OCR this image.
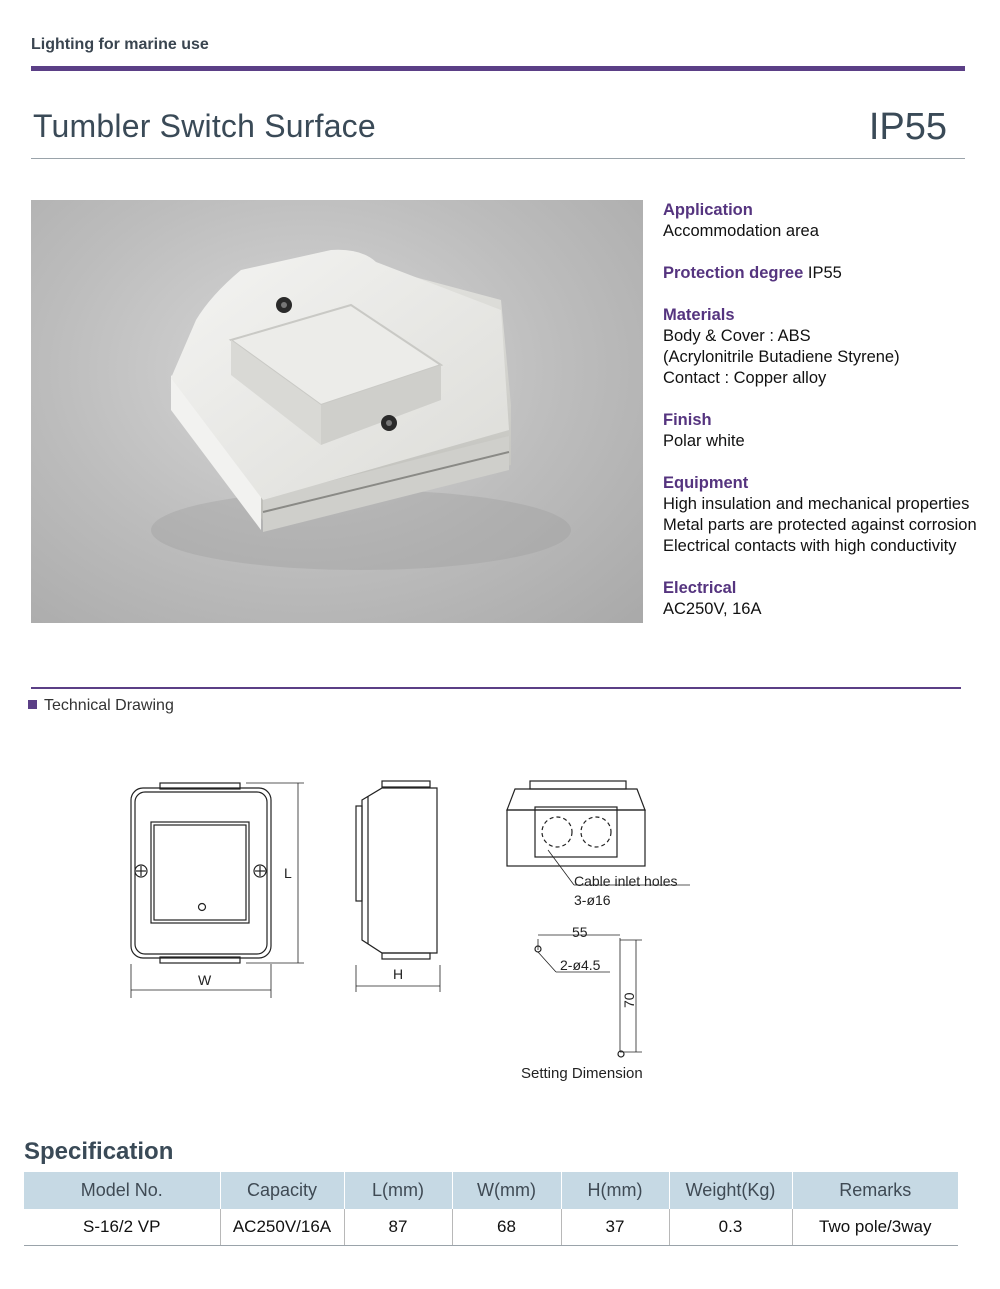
Lighting for marine use
Tumbler Switch Surface	IP55
Application
Accommodation area
Protection degree IP55
Materials
Body & Cover : ABS
(Acrylonitrile Butadiene Styrene)
Contact : Copper alloy
Finish
Polar white
Equipment
High insulation and mechanical properties
Metal parts are protected against corrosion
Electrical contacts with high conductivity
Electrical
AC250V, 16A
Technical Drawing
W
L
H
Cable inlet holes
3-ø16
55
2-ø4.5
70
Setting Dimension
Specification
Model No.	Capacity	L(mm)	W(mm)	H(mm)	Weight(Kg)	Remarks
S-16/2 VP	AC250V/16A	87	68	37	0.3	Two pole/3way
